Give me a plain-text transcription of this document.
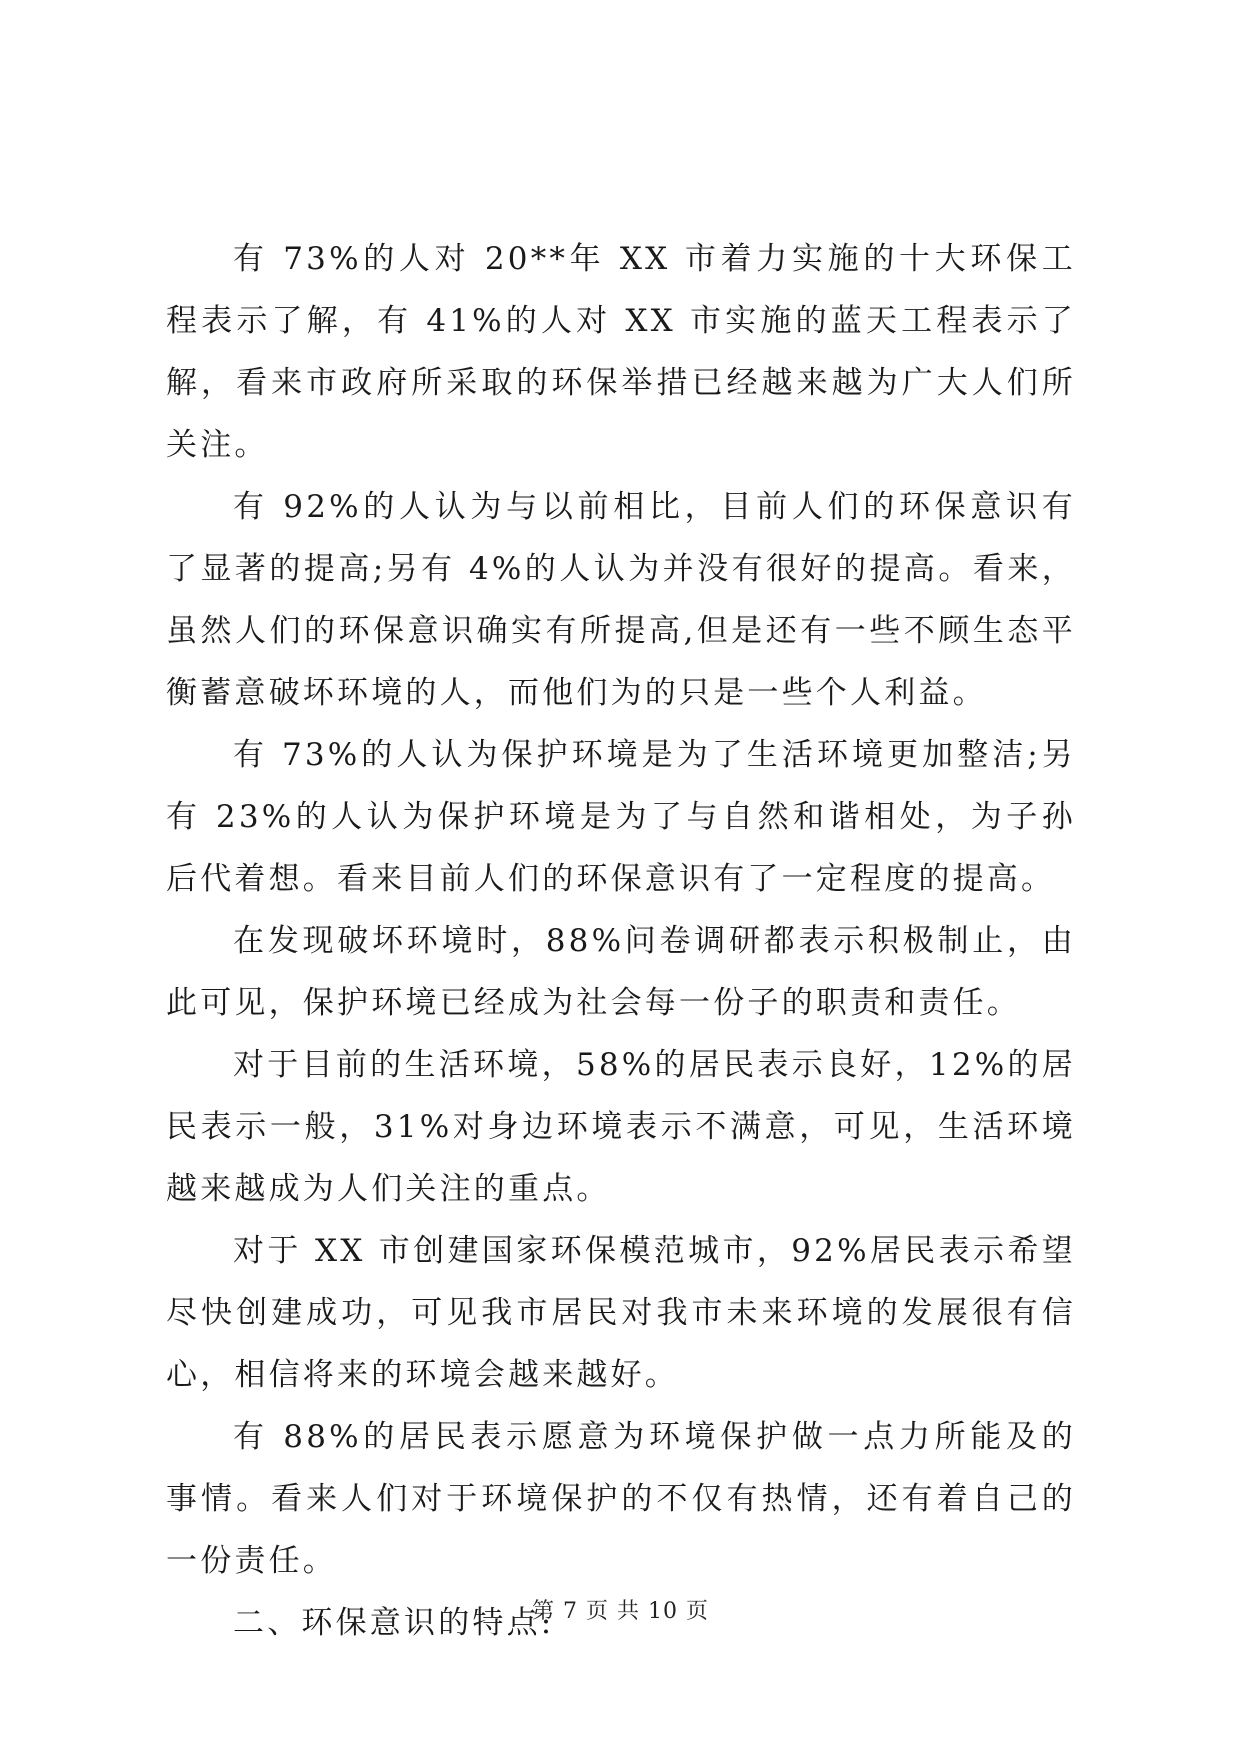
有 73%的人对 20**年 XX 市着力实施的十大环保工程表示了解，有 41%的人对 XX 市实施的蓝天工程表示了解，看来市政府所采取的环保举措已经越来越为广大人们所关注。

有 92%的人认为与以前相比，目前人们的环保意识有了显著的提高;另有 4%的人认为并没有很好的提高。看来，虽然人们的环保意识确实有所提高,但是还有一些不顾生态平衡蓄意破坏环境的人，而他们为的只是一些个人利益。

有 73%的人认为保护环境是为了生活环境更加整洁;另有 23%的人认为保护环境是为了与自然和谐相处，为子孙后代着想。看来目前人们的环保意识有了一定程度的提高。

在发现破坏环境时，88%问卷调研都表示积极制止，由此可见，保护环境已经成为社会每一份子的职责和责任。

对于目前的生活环境，58%的居民表示良好，12%的居民表示一般，31%对身边环境表示不满意，可见，生活环境越来越成为人们关注的重点。

对于 XX 市创建国家环保模范城市，92%居民表示希望尽快创建成功，可见我市居民对我市未来环境的发展很有信心，相信将来的环境会越来越好。

有 88%的居民表示愿意为环境保护做一点力所能及的事情。看来人们对于环境保护的不仅有热情，还有着自己的一份责任。

二、环保意识的特点:

第 7 页 共 10 页
